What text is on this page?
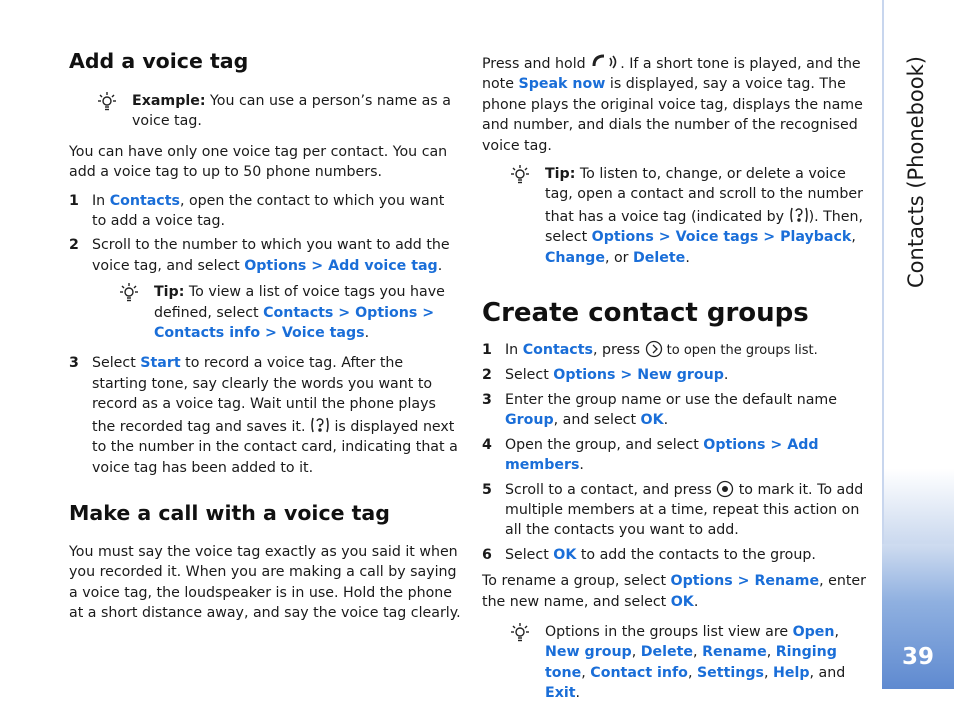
Add a voice tag
Example: You can use a person’s name as a voice tag.

You can have only one voice tag per contact. You can add a voice tag to up to 50 phone numbers.

1 In Contacts, open the contact to which you want to add a voice tag.
2 Scroll to the number to which you want to add the voice tag, and select Options > Add voice tag.
Tip: To view a list of voice tags you have defined, select Contacts > Options > Contacts info > Voice tags.
3 Select Start to record a voice tag. After the starting tone, say clearly the words you want to record as a voice tag. Wait until the phone plays the recorded tag and saves it.  is displayed next to the number in the contact card, indicating that a voice tag has been added to it.
Make a call with a voice tag

You must say the voice tag exactly as you said it when you recorded it. When you are making a call by saying a voice tag, the loudspeaker is in use. Hold the phone at a short distance away, and say the voice tag clearly.

Press and hold . If a short tone is played, and the note Speak now is displayed, say a voice tag. The phone plays the original voice tag, displays the name and number, and dials the number of the recognised voice tag.

Tip: To listen to, change, or delete a voice tag, open a contact and scroll to the number that has a voice tag (indicated by ). Then, select Options > Voice tags > Playback, Change, or Delete.
Create contact groups
1 In Contacts, press  to open the groups list.
2 Select Options > New group.
3 Enter the group name or use the default name Group, and select OK.
4 Open the group, and select Options > Add members.
5 Scroll to a contact, and press  to mark it. To add multiple members at a time, repeat this action on all the contacts you want to add.
6 Select OK to add the contacts to the group.

To rename a group, select Options > Rename, enter the new name, and select OK.

Options in the groups list view are Open, New group, Delete, Rename, Ringing tone, Contact info, Settings, Help, and Exit.
Contacts (Phonebook)
39
